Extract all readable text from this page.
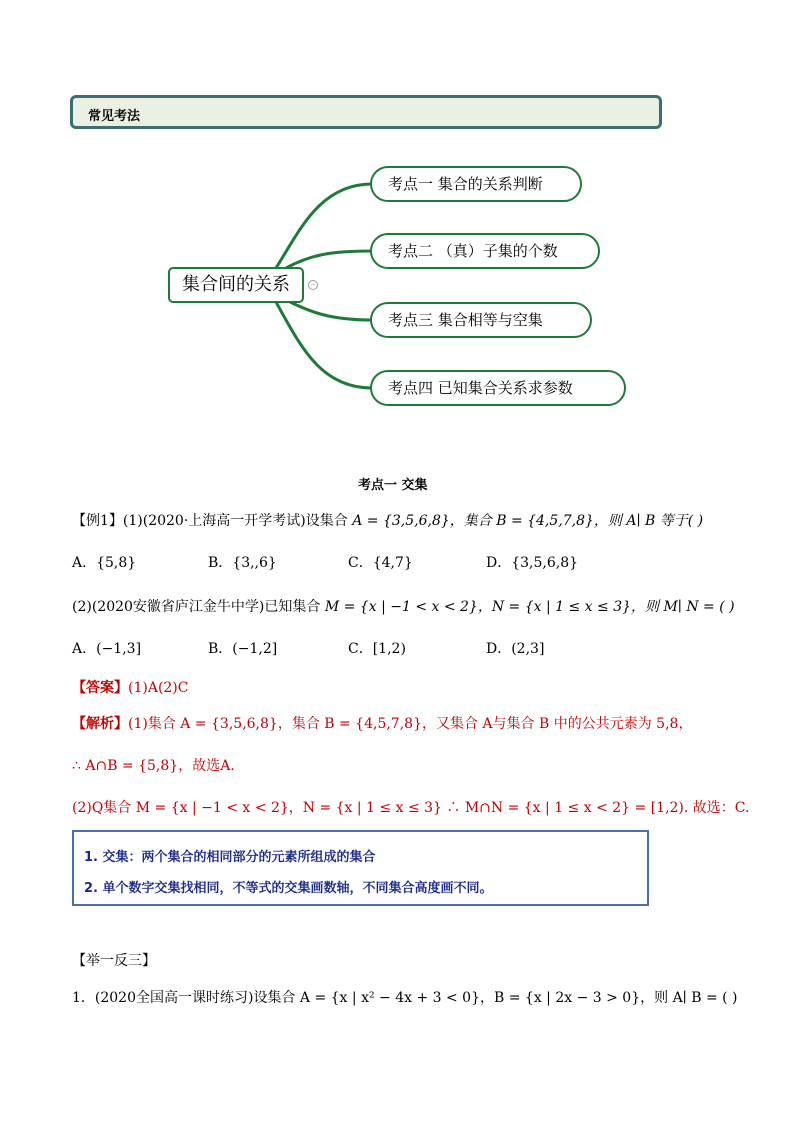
常见考法
集合间的关系	−
考点一 集合的关系判断
考点二 （真）子集的个数
考点三 集合相等与空集
考点四 已知集合关系求参数
考点一 交集
【例1】(1)(2020·上海高一开学考试)设集合 A = {3,5,6,8}，集合 B = {4,5,7,8}，则 A∣ B 等于( )
A．{5,8}	B．{3,,6}	C．{4,7}	D．{3,5,6,8}
(2)(2020安徽省庐江金牛中学)已知集合 M = {x | −1 < x < 2}，N = {x | 1 ≤ x ≤ 3}，则 M∣ N = ( )
A．(−1,3]	B．(−1,2]	C．[1,2)	D．(2,3]
【答案】(1)A(2)C
【解析】(1)集合 A = {3,5,6,8}，集合 B = {4,5,7,8}，又集合 A与集合 B 中的公共元素为 5,8，
∴ A∩B = {5,8}，故选A.
(2)Q集合 M = {x | −1 < x < 2}，N = {x | 1 ≤ x ≤ 3} ∴ M∩N = {x | 1 ≤ x < 2} = [1,2). 故选：C.
1. 交集：两个集合的相同部分的元素所组成的集合
2. 单个数字交集找相同，不等式的交集画数轴，不同集合高度画不同。
【举一反三】
1．(2020全国高一课时练习)设集合 A = {x | x² − 4x + 3 < 0}，B = {x | 2x − 3 > 0}，则 A∣ B = ( )
